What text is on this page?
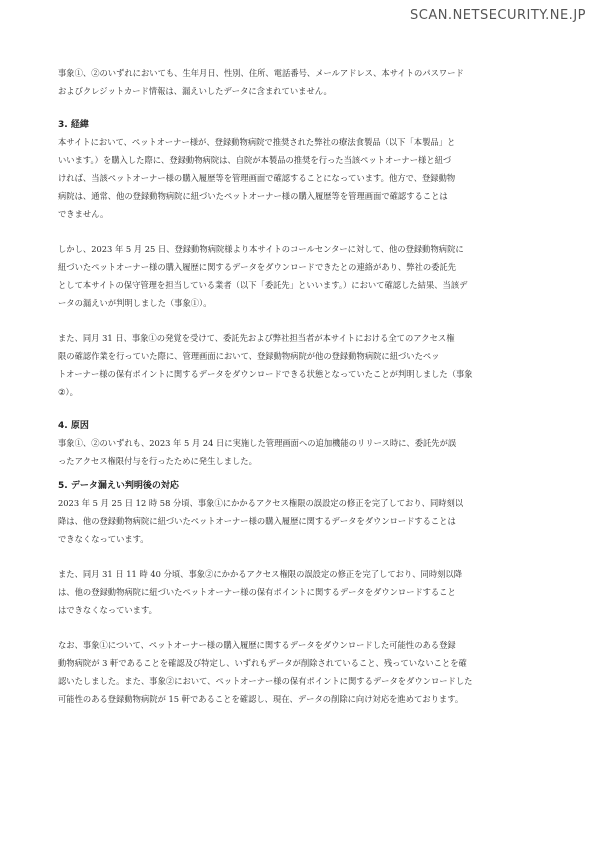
SCAN.NETSECURITY.NE.JP

事象①、②のいずれにおいても、生年月日、性別、住所、電話番号、メールアドレス、本サイトのパスワード

およびクレジットカード情報は、漏えいしたデータに含まれていません。

3. 経緯

本サイトにおいて、ペットオーナー様が、登録動物病院で推奨された弊社の療法食製品（以下「本製品」と

いいます。）を購入した際に、登録動物病院は、自院が本製品の推奨を行った当該ペットオーナー様と紐づ

ければ、当該ペットオーナー様の購入履歴等を管理画面で確認することになっています。他方で、登録動物

病院は、通常、他の登録動物病院に紐づいたペットオーナー様の購入履歴等を管理画面で確認することは

できません。

しかし、2023 年 5 月 25 日、登録動物病院様より本サイトのコールセンターに対して、他の登録動物病院に

紐づいたペットオーナー様の購入履歴に関するデータをダウンロードできたとの連絡があり、弊社の委託先

として本サイトの保守管理を担当している業者（以下「委託先」といいます。）において確認した結果、当該デ

ータの漏えいが判明しました（事象①）。

また、同月 31 日、事象①の発覚を受けて、委託先および弊社担当者が本サイトにおける全てのアクセス権

限の確認作業を行っていた際に、管理画面において、登録動物病院が他の登録動物病院に紐づいたペッ

トオーナー様の保有ポイントに関するデータをダウンロードできる状態となっていたことが判明しました（事象

②）。

4. 原因

事象①、②のいずれも、2023 年 5 月 24 日に実施した管理画面への追加機能のリリース時に、委託先が誤

ったアクセス権限付与を行ったために発生しました。

5. データ漏えい判明後の対応

2023 年 5 月 25 日 12 時 58 分頃、事象①にかかるアクセス権限の誤設定の修正を完了しており、同時刻以

降は、他の登録動物病院に紐づいたペットオーナー様の購入履歴に関するデータをダウンロードすることは

できなくなっています。

また、同月 31 日 11 時 40 分頃、事象②にかかるアクセス権限の誤設定の修正を完了しており、同時刻以降

は、他の登録動物病院に紐づいたペットオーナー様の保有ポイントに関するデータをダウンロードすること

はできなくなっています。

なお、事象①について、ペットオーナー様の購入履歴に関するデータをダウンロードした可能性のある登録

動物病院が 3 軒であることを確認及び特定し、いずれもデータが削除されていること、残っていないことを確

認いたしました。また、事象②において、ペットオーナー様の保有ポイントに関するデータをダウンロードした

可能性のある登録動物病院が 15 軒であることを確認し、現在、データの削除に向け対応を進めております。
